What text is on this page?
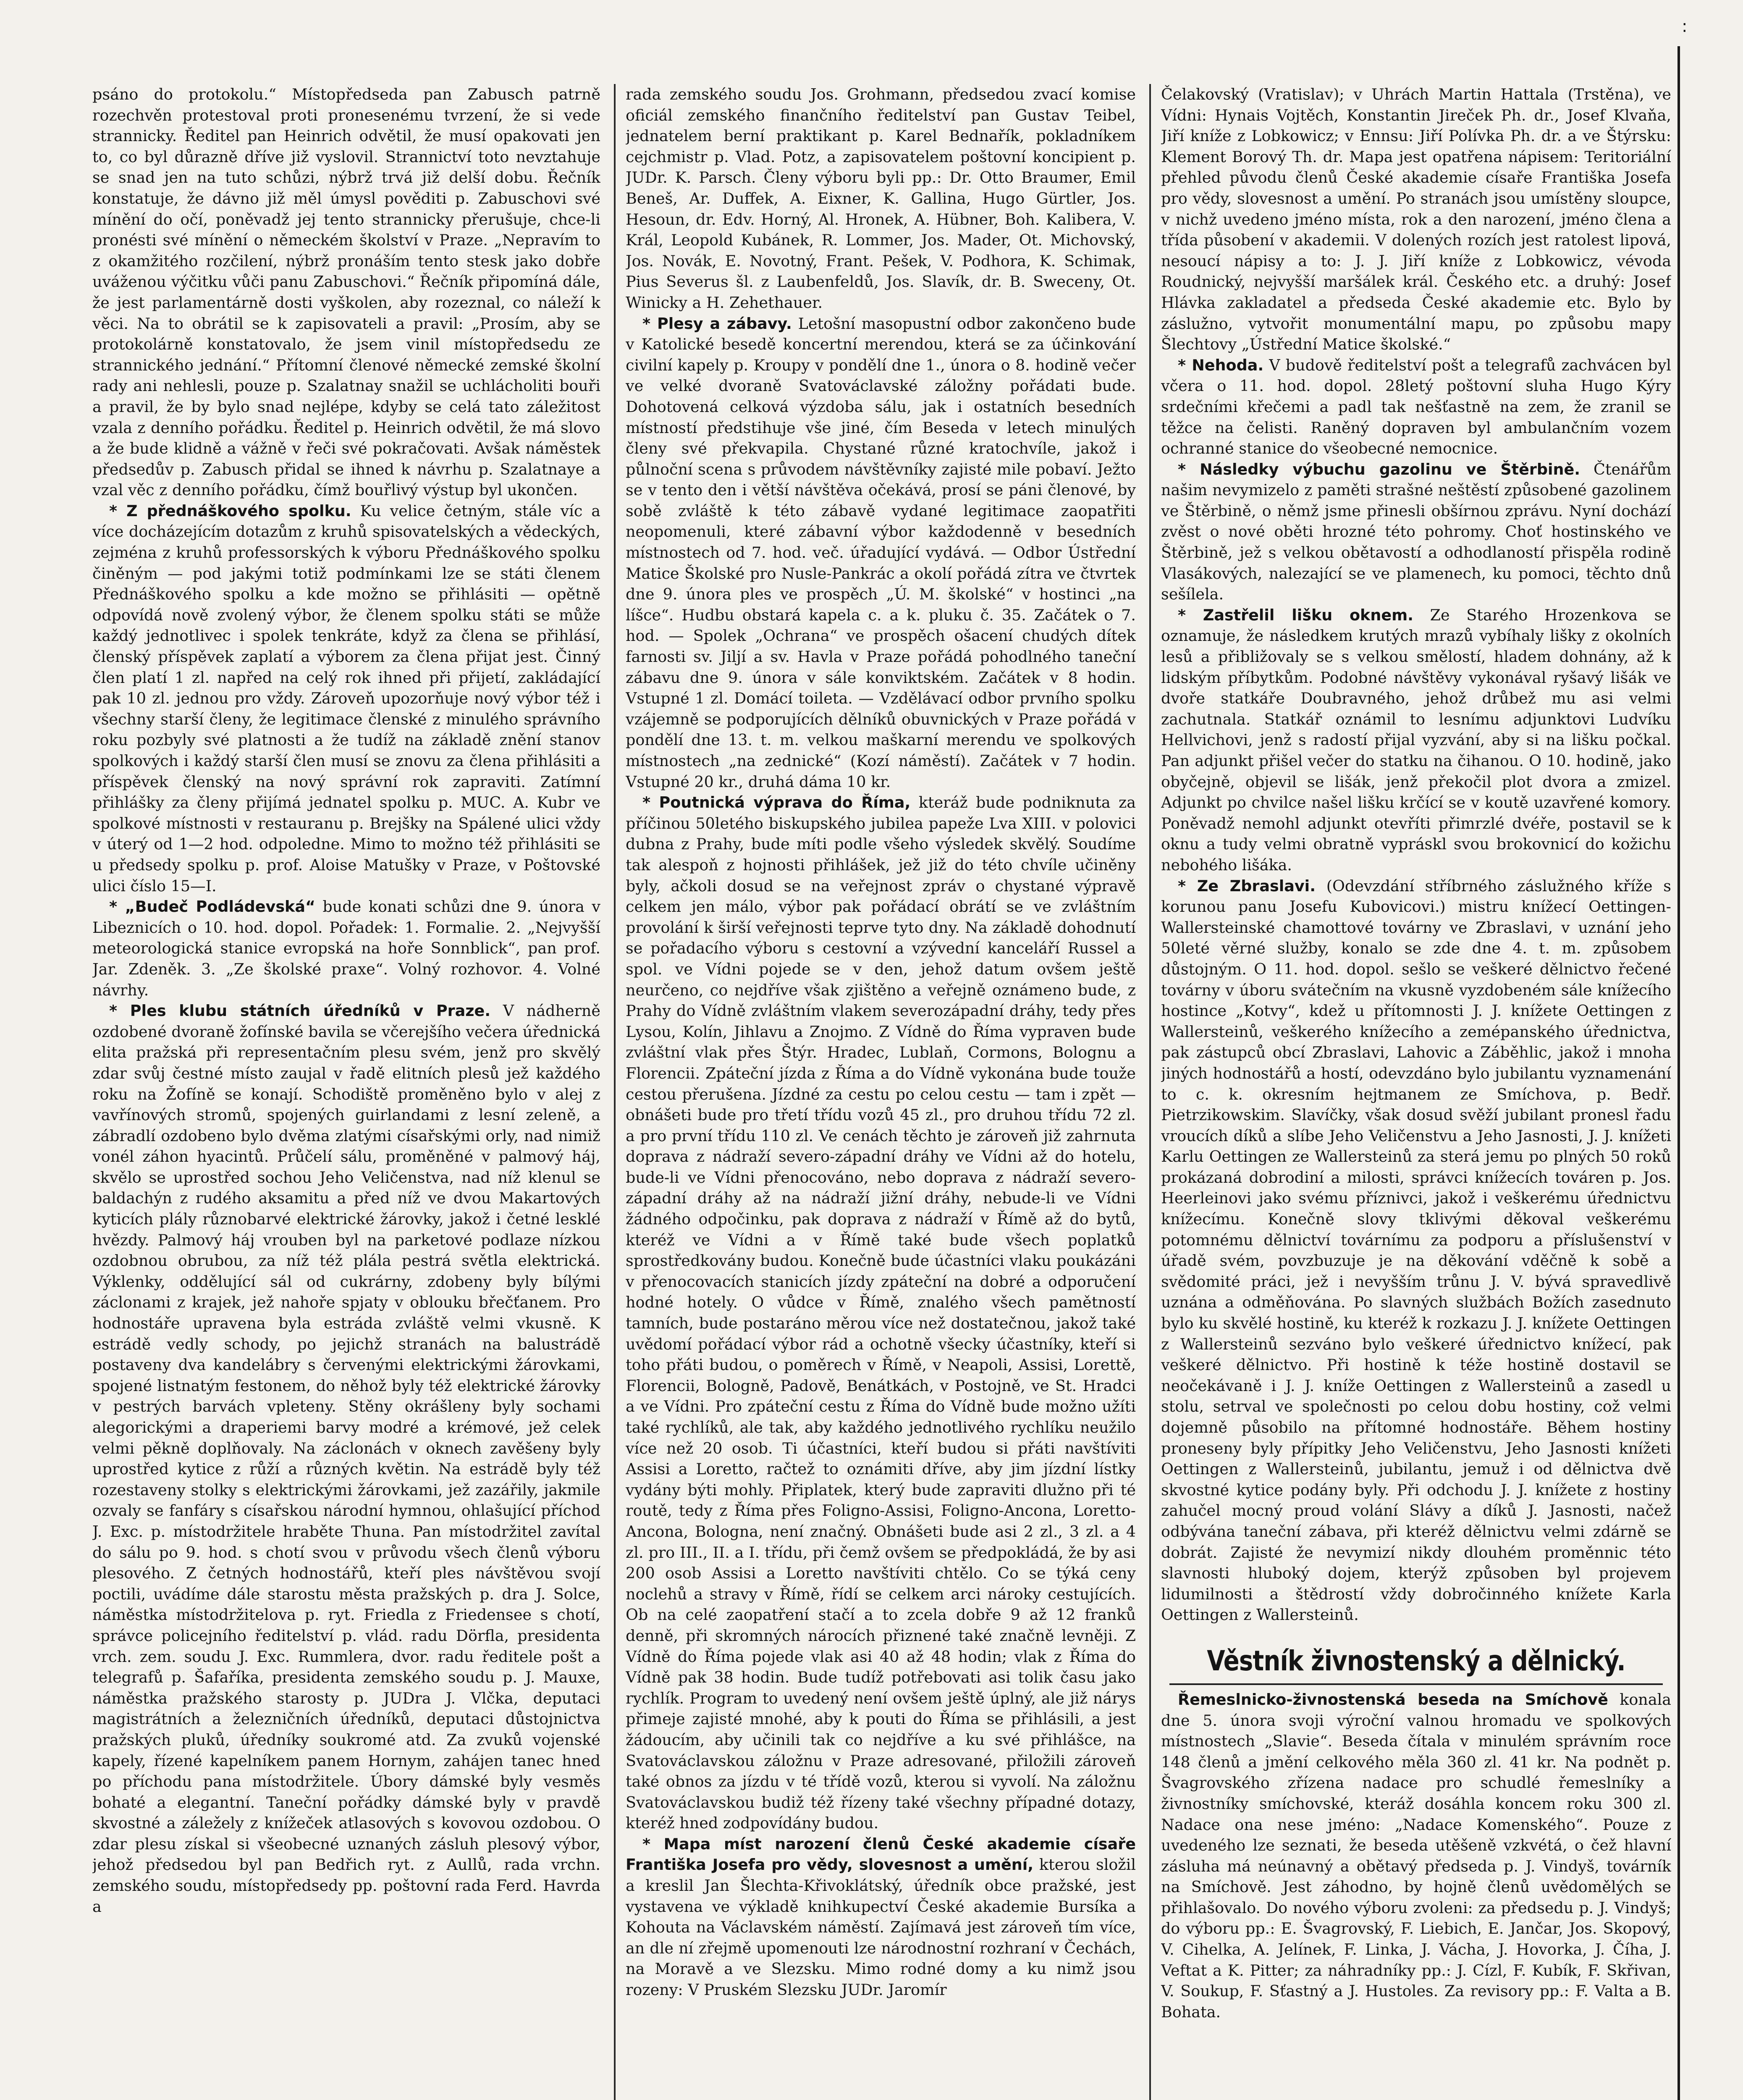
:

psáno do protokolu.“ Místopředseda pan Zabusch patrně rozechvěn protestoval proti pronesenému tvrzení, že si vede strannicky. Ředitel pan Heinrich odvětil, že musí opakovati jen to, co byl důrazně dříve již vyslovil. Strannictví toto nevztahuje se snad jen na tuto schůzi, nýbrž trvá již delší dobu. Řečník konstatuje, že dávno již měl úmysl pověditi p. Zabuschovi své mínění do očí, poněvadž jej tento strannicky přerušuje, chce-li pronésti své mínění o německém školství v Praze. „Nepravím to z okamžitého rozčilení, nýbrž pronáším tento stesk jako dobře uváženou výčitku vůči panu Zabuschovi.“ Řečník připomíná dále, že jest parlamentárně dosti vyškolen, aby rozeznal, co náleží k věci. Na to obrátil se k zapisovateli a pravil: „Prosím, aby se protokolárně konstatovalo, že jsem vinil místopředsedu ze strannického jednání.“ Přítomní členové německé zemské školní rady ani nehlesli, pouze p. Szalatnay snažil se uchlácholiti bouři a pravil, že by bylo snad nejlépe, kdyby se celá tato záležitost vzala z denního pořádku. Ředitel p. Heinrich odvětil, že má slovo a že bude klidně a vážně v řeči své pokračovati. Avšak náměstek předsedův p. Zabusch přidal se ihned k návrhu p. Szalatnaye a vzal věc z denního pořádku, čímž bouřlivý výstup byl ukončen.

* Z přednáškového spolku. Ku velice četným, stále víc a více docházejícím dotazům z kruhů spisovatelských a vědeckých, zejména z kruhů professorských k výboru Přednáškového spolku činěným — pod jakými totiž podmínkami lze se státi členem Přednáškového spolku a kde možno se přihlásiti — opětně odpovídá nově zvolený výbor, že členem spolku státi se může každý jednotlivec i spolek tenkráte, když za člena se přihlásí, členský příspěvek zaplatí a výborem za člena přijat jest. Činný člen platí 1 zl. napřed na celý rok ihned při přijetí, zakládající pak 10 zl. jednou pro vždy. Zároveň upozorňuje nový výbor též i všechny starší členy, že legitimace členské z minulého správního roku pozbyly své platnosti a že tudíž na základě znění stanov spolkových i každý starší člen musí se znovu za člena přihlásiti a příspěvek členský na nový správní rok zapraviti. Zatímní přihlášky za členy přijímá jednatel spolku p. MUC. A. Kubr ve spolkové místnosti v restauranu p. Brejšky na Spálené ulici vždy v úterý od 1—2 hod. odpoledne. Mimo to možno též přihlásiti se u předsedy spolku p. prof. Aloise Matušky v Praze, v Poštovské ulici číslo 15—I.

* „Budeč Podládevská“ bude konati schůzi dne 9. února v Libeznicích o 10. hod. dopol. Pořadek: 1. Formalie. 2. „Nejvyšší meteorologická stanice evropská na hoře Sonnblick“, pan prof. Jar. Zdeněk. 3. „Ze školské praxe“. Volný rozhovor. 4. Volné návrhy.

* Ples klubu státních úředníků v Praze. V nádherně ozdobené dvoraně žofínské bavila se včerejšího večera úřednická elita pražská při representačním plesu svém, jenž pro skvělý zdar svůj čestné místo zaujal v řadě elitních plesů jež každého roku na Žofíně se konají. Schodiště proměněno bylo v alej z vavřínových stromů, spojených guirlandami z lesní zeleně, a zábradlí ozdobeno bylo dvěma zlatými císařskými orly, nad nimiž vonél záhon hyacintů. Průčelí sálu, proměněné v palmový háj, skvělo se uprostřed sochou Jeho Veličenstva, nad níž klenul se baldachýn z rudého aksamitu a před níž ve dvou Makartových kyticích plály různobarvé elektrické žárovky, jakož i četné lesklé hvězdy. Palmový háj vrouben byl na parketové podlaze nízkou ozdobnou obrubou, za níž též plála pestrá světla elektrická. Výklenky, oddělující sál od cukrárny, zdobeny byly bílými záclonami z krajek, jež nahoře spjaty v oblouku břečťanem. Pro hodnostáře upravena byla estráda zvláště velmi vkusně. K estrádě vedly schody, po jejichž stranách na balustrádě postaveny dva kandelábry s červenými elektrickými žárovkami, spojené listnatým festonem, do něhož byly též elektrické žárovky v pestrých barvách vpleteny. Stěny okrášleny byly sochami alegorickými a draperiemi barvy modré a krémové, jež celek velmi pěkně doplňovaly. Na záclonách v oknech zavěšeny byly uprostřed kytice z růží a různých květin. Na estrádě byly též rozestaveny stolky s elektrickými žárovkami, jež zazářily, jakmile ozvaly se fanfáry s císařskou národní hymnou, ohlašující příchod J. Exc. p. místodržitele hraběte Thuna. Pan místodržitel zavítal do sálu po 9. hod. s chotí svou v průvodu všech členů výboru plesového. Z četných hodnostářů, kteří ples návštěvou svojí poctili, uvádíme dále starostu města pražských p. dra J. Solce, náměstka místodržitelova p. ryt. Friedla z Friedensee s chotí, správce policejního ředitelství p. vlád. radu Dörfla, presidenta vrch. zem. soudu J. Exc. Rummlera, dvor. radu ředitele pošt a telegrafů p. Šafaříka, presidenta zemského soudu p. J. Mauxe, náměstka pražského starosty p. JUDra J. Vlčka, deputaci magistrátních a železničních úředníků, deputaci důstojnictva pražských pluků, úředníky soukromé atd. Za zvuků vojenské kapely, řízené kapelníkem panem Hornym, zahájen tanec hned po příchodu pana místodržitele. Úbory dámské byly vesměs bohaté a elegantní. Taneční pořádky dámské byly v pravdě skvostné a záležely z knížeček atlasových s kovovou ozdobou. O zdar plesu získal si všeobecné uznaných zásluh plesový výbor, jehož předsedou byl pan Bedřich ryt. z Aullů, rada vrchn. zemského soudu, místopředsedy pp. poštovní rada Ferd. Havrda a

rada zemského soudu Jos. Grohmann, předsedou zvací komise oficiál zemského finančního ředitelství pan Gustav Teibel, jednatelem berní praktikant p. Karel Bednařík, pokladníkem cejchmistr p. Vlad. Potz, a zapisovatelem poštovní koncipient p. JUDr. K. Parsch. Členy výboru byli pp.: Dr. Otto Braumer, Emil Beneš, Ar. Duffek, A. Eixner, K. Gallina, Hugo Gürtler, Jos. Hesoun, dr. Edv. Horný, Al. Hronek, A. Hübner, Boh. Kalibera, V. Král, Leopold Kubánek, R. Lommer, Jos. Mader, Ot. Michovský, Jos. Novák, E. Novotný, Frant. Pešek, V. Podhora, K. Schimak, Pius Severus šl. z Laubenfeldů, Jos. Slavík, dr. B. Sweceny, Ot. Winicky a H. Zehethauer.

* Plesy a zábavy. Letošní masopustní odbor zakončeno bude v Katolické besedě koncertní merendou, která se za účinkování civilní kapely p. Kroupy v pondělí dne 1., února o 8. hodině večer ve velké dvoraně Svatováclavské záložny pořádati bude. Dohotovená celková výzdoba sálu, jak i ostatních besedních místností předstihuje vše jiné, čím Beseda v letech minulých členy své překvapila. Chystané různé kratochvíle, jakož i půlnoční scena s průvodem návštěvníky zajisté mile pobaví. Ježto se v tento den i větší návštěva očekává, prosí se páni členové, by sobě zvláště k této zábavě vydané legitimace zaopatřiti neopomenuli, které zábavní výbor každodenně v besedních místnostech od 7. hod. več. úřadující vydává. — Odbor Ústřední Matice Školské pro Nusle-Pankrác a okolí pořádá zítra ve čtvrtek dne 9. února ples ve prospěch „Ú. M. školské“ v hostinci „na líšce“. Hudbu obstará kapela c. a k. pluku č. 35. Začátek o 7. hod. — Spolek „Ochrana“ ve prospěch ošacení chudých dítek farnosti sv. Jiljí a sv. Havla v Praze pořádá pohodlného taneční zábavu dne 9. února v sále konviktském. Začátek v 8 hodin. Vstupné 1 zl. Domácí toileta. — Vzdělávací odbor prvního spolku vzájemně se podporujících dělníků obuvnických v Praze pořádá v pondělí dne 13. t. m. velkou maškarní merendu ve spolkových místnostech „na zednické“ (Kozí náměstí). Začátek v 7 hodin. Vstupné 20 kr., druhá dáma 10 kr.

* Poutnická výprava do Říma, kteráž bude podniknuta za příčinou 50letého biskupského jubilea papeže Lva XIII. v polovici dubna z Prahy, bude míti podle všeho výsledek skvělý. Soudíme tak alespoň z hojnosti přihlášek, jež již do této chvíle učiněny byly, ačkoli dosud se na veřejnost zpráv o chystané výpravě celkem jen málo, výbor pak pořádací obrátí se ve zvláštním provolání k širší veřejnosti teprve tyto dny. Na základě dohodnutí se pořadacího výboru s cestovní a vzývední kanceláří Russel a spol. ve Vídni pojede se v den, jehož datum ovšem ještě neurčeno, co nejdříve však zjištěno a veřejně oznámeno bude, z Prahy do Vídně zvláštním vlakem severozápadní dráhy, tedy přes Lysou, Kolín, Jihlavu a Znojmo. Z Vídně do Říma vypraven bude zvláštní vlak přes Štýr. Hradec, Lublaň, Cormons, Bolognu a Florencii. Zpáteční jízda z Říma a do Vídně vykonána bude touže cestou přerušena. Jízdné za cestu po celou cestu — tam i zpět — obnášeti bude pro třetí třídu vozů 45 zl., pro druhou třídu 72 zl. a pro první třídu 110 zl. Ve cenách těchto je zároveň již zahrnuta doprava z nádraží severo-západní dráhy ve Vídni až do hotelu, bude-li ve Vídni přenocováno, nebo doprava z nádraží severo-západní dráhy až na nádraží jižní dráhy, nebude-li ve Vídni žádného odpočinku, pak doprava z nádraží v Římě až do bytů, kteréž ve Vídni a v Římě také bude všech poplatků sprostředkovány budou. Konečně bude účastníci vlaku poukázáni v přenocovacích stanicích jízdy zpáteční na dobré a odporučení hodné hotely. O vůdce v Římě, znalého všech pamětností tamních, bude postaráno měrou více než dostatečnou, jakož také uvědomí pořádací výbor rád a ochotně všecky účastníky, kteří si toho přáti budou, o poměrech v Římě, v Neapoli, Assisi, Lorettě, Florencii, Bologně, Padově, Benátkách, v Postojně, ve St. Hradci a ve Vídni. Pro zpáteční cestu z Říma do Vídně bude možno užíti také rychlíků, ale tak, aby každého jednotlivého rychlíku neužilo více než 20 osob. Ti účastníci, kteří budou si přáti navštíviti Assisi a Loretto, račtež to oznámiti dříve, aby jim jízdní lístky vydány býti mohly. Připlatek, který bude zapraviti dlužno při té routě, tedy z Říma přes Foligno-Assisi, Foligno-Ancona, Loretto-Ancona, Bologna, není značný. Obnášeti bude asi 2 zl., 3 zl. a 4 zl. pro III., II. a I. třídu, při čemž ovšem se předpokládá, že by asi 200 osob Assisi a Loretto navštíviti chtělo. Co se týká ceny noclehů a stravy v Římě, řídí se celkem arci nároky cestujících. Ob na celé zaopatření stačí a to zcela dobře 9 až 12 franků denně, při skromných nárocích přiznené také značně levněji. Z Vídně do Říma pojede vlak asi 40 až 48 hodin; vlak z Říma do Vídně pak 38 hodin. Bude tudíž potřebovati asi tolik času jako rychlík. Program to uvedený není ovšem ještě úplný, ale již nárys přimeje zajisté mnohé, aby k pouti do Říma se přihlásili, a jest žádoucím, aby učinili tak co nejdříve a ku své přihlášce, na Svatováclavskou záložnu v Praze adresované, přiložili zároveň také obnos za jízdu v té třídě vozů, kterou si vyvolí. Na záložnu Svatováclavskou budiž též řízeny také všechny případné dotazy, kteréž hned zodpovídány budou.

* Mapa míst narození členů České akademie císaře Františka Josefa pro vědy, slovesnost a umění, kterou složil a kreslil Jan Šlechta-Křivoklátský, úředník obce pražské, jest vystavena ve výkladě knihkupectví České akademie Bursíka a Kohouta na Václavském náměstí. Zajímavá jest zároveň tím více, an dle ní zřejmě upomenouti lze národnostní rozhraní v Čechách, na Moravě a ve Slezsku. Mimo rodné domy a ku nimž jsou rozeny: V Pruském Slezsku JUDr. Jaromír

Čelakovský (Vratislav); v Uhrách Martin Hattala (Trstěna), ve Vídni: Hynais Vojtěch, Konstantin Jireček Ph. dr., Josef Klvaňa, Jiří kníže z Lobkowicz; v Ennsu: Jiří Polívka Ph. dr. a ve Štýrsku: Klement Borový Th. dr. Mapa jest opatřena nápisem: Teritoriální přehled původu členů České akademie císaře Františka Josefa pro vědy, slovesnost a umění. Po stranách jsou umístěny sloupce, v nichž uvedeno jméno místa, rok a den narození, jméno člena a třída působení v akademii. V dolených rozích jest ratolest lipová, nesoucí nápisy a to: J. J. Jiří kníže z Lobkowicz, vévoda Roudnický, nejvyšší maršálek král. Českého etc. a druhý: Josef Hlávka zakladatel a předseda České akademie etc. Bylo by záslužno, vytvořit monumentální mapu, po způsobu mapy Šlechtovy „Ústřední Matice školské.“

* Nehoda. V budově ředitelství pošt a telegrafů zachvácen byl včera o 11. hod. dopol. 28letý poštovní sluha Hugo Kýry srdečními křečemi a padl tak nešťastně na zem, že zranil se těžce na čelisti. Raněný dopraven byl ambulančním vozem ochranné stanice do všeobecné nemocnice.

* Následky výbuchu gazolinu ve Štěrbině. Čtenářům našim nevymizelo z paměti strašné neštěstí způsobené gazolinem ve Štěrbině, o němž jsme přinesli obšírnou zprávu. Nyní dochází zvěst o nové oběti hrozné této pohromy. Choť hostinského ve Štěrbině, jež s velkou obětavostí a odhodlaností přispěla rodině Vlasákových, nalezající se ve plamenech, ku pomoci, těchto dnů sešílela.

* Zastřelil lišku oknem. Ze Starého Hrozenkova se oznamuje, že následkem krutých mrazů vybíhaly lišky z okolních lesů a přibližovaly se s velkou smělostí, hladem dohnány, až k lidským příbytkům. Podobné návštěvy vykonával ryšavý lišák ve dvoře statkáře Doubravného, jehož drůbež mu asi velmi zachutnala. Statkář oznámil to lesnímu adjunktovi Ludvíku Hellvichovi, jenž s radostí přijal vyzvání, aby si na lišku počkal. Pan adjunkt přišel večer do statku na čihanou. O 10. hodině, jako obyčejně, objevil se lišák, jenž překočil plot dvora a zmizel. Adjunkt po chvilce našel lišku krčící se v koutě uzavřené komory. Poněvadž nemohl adjunkt otevříti přimrzlé dvéře, postavil se k oknu a tudy velmi obratně vypráskl svou brokovnicí do kožichu nebohého lišáka.

* Ze Zbraslavi. (Odevzdání stříbrného záslužného kříže s korunou panu Josefu Kubovicovi.) mistru knížecí Oettingen-Wallersteinské chamottové továrny ve Zbraslavi, v uznání jeho 50leté věrné služby, konalo se zde dne 4. t. m. způsobem důstojným. O 11. hod. dopol. sešlo se veškeré dělnictvo řečené továrny v úboru svátečním na vkusně vyzdobeném sále knížecího hostince „Kotvy“, kdež u přítomnosti J. J. knížete Oettingen z Wallersteinů, veškerého knížecího a zemépanského úřednictva, pak zástupců obcí Zbraslavi, Lahovic a Záběhlic, jakož i mnoha jiných hodnostářů a hostí, odevzdáno bylo jubilantu vyznamenání to c. k. okresním hejtmanem ze Smíchova, p. Bedř. Pietrzikowskim. Slavíčky, však dosud svěží jubilant pronesl řadu vroucích díků a slíbe Jeho Veličenstvu a Jeho Jasnosti, J. J. knížeti Karlu Oettingen ze Wallersteinů za sterá jemu po plných 50 roků prokázaná dobrodiní a milosti, správci knížecích továren p. Jos. Heerleinovi jako svému příznivci, jakož i veškerému úřednictvu knížecímu. Konečně slovy tklivými děkoval veškerému potomnému dělnictví továrnímu za podporu a příslušenství v úřadě svém, povzbuzuje je na děkování vděčně k sobě a svědomité práci, jež i nevyšším trůnu J. V. bývá spravedlivě uznána a odměňována. Po slavných službách Božích zasednuto bylo ku skvělé hostině, ku kteréž k rozkazu J. J. knížete Oettingen z Wallersteinů sezváno bylo veškeré úřednictvo knížecí, pak veškeré dělnictvo. Při hostině k téže hostině dostavil se neočekávaně i J. J. kníže Oettingen z Wallersteinů a zasedl u stolu, setrval ve společnosti po celou dobu hostiny, což velmi dojemně působilo na přítomné hodnostáře. Během hostiny proneseny byly přípitky Jeho Veličenstvu, Jeho Jasnosti knížeti Oettingen z Wallersteinů, jubilantu, jemuž i od dělnictva dvě skvostné kytice podány byly. Při odchodu J. J. knížete z hostiny zahučel mocný proud volání Slávy a díků J. Jasnosti, načež odbývána taneční zábava, při kteréž dělnictvu velmi zdárně se dobrát. Zajisté že nevymizí nikdy dlouhém proměnnic této slavnosti hluboký dojem, kterýž způsoben byl projevem lidumilnosti a štědrostí vždy dobročinného knížete Karla Oettingen z Wallersteinů.

Věstník živnostenský a dělnický.

Řemeslnicko-živnostenská beseda na Smíchově konala dne 5. února svoji výroční valnou hromadu ve spolkových místnostech „Slavie“. Beseda čítala v minulém správním roce 148 členů a jmění celkového měla 360 zl. 41 kr. Na podnět p. Švagrovského zřízena nadace pro schudlé řemeslníky a živnostníky smíchovské, kteráž dosáhla koncem roku 300 zl. Nadace ona nese jméno: „Nadace Komenského“. Pouze z uvedeného lze seznati, že beseda utěšeně vzkvétá, o čež hlavní zásluha má neúnavný a obětavý předseda p. J. Vindyš, továrník na Smíchově. Jest záhodno, by hojně členů uvědomělých se přihlašovalo. Do nového výboru zvoleni: za předsedu p. J. Vindyš; do výboru pp.: E. Švagrovský, F. Liebich, E. Jančar, Jos. Skopový, V. Cihelka, A. Jelínek, F. Linka, J. Vácha, J. Hovorka, J. Číha, J. Veftat a K. Pitter; za náhradníky pp.: J. Cízl, F. Kubík, F. Skřivan, V. Soukup, F. Sťastný a J. Hustoles. Za revisory pp.: F. Valta a B. Bohata.
